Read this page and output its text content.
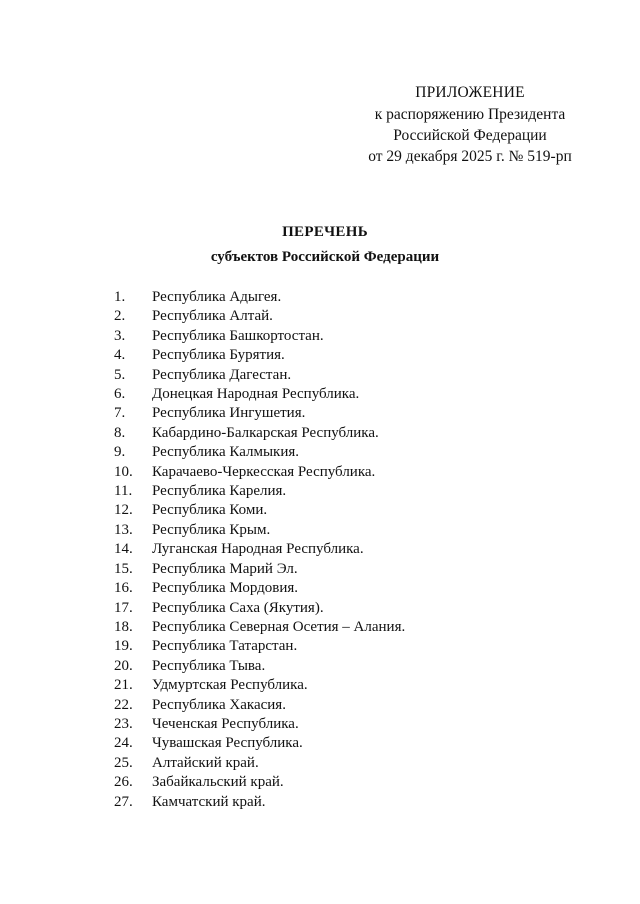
ПРИЛОЖЕНИЕ
к распоряжению Президента
Российской Федерации
от 29 декабря 2025 г. № 519-рп
ПЕРЕЧЕНЬ
субъектов Российской Федерации
1.	Республика Адыгея.
2.	Республика Алтай.
3.	Республика Башкортостан.
4.	Республика Бурятия.
5.	Республика Дагестан.
6.	Донецкая Народная Республика.
7.	Республика Ингушетия.
8.	Кабардино-Балкарская Республика.
9.	Республика Калмыкия.
10.	Карачаево-Черкесская Республика.
11.	Республика Карелия.
12.	Республика Коми.
13.	Республика Крым.
14.	Луганская Народная Республика.
15.	Республика Марий Эл.
16.	Республика Мордовия.
17.	Республика Саха (Якутия).
18.	Республика Северная Осетия – Алания.
19.	Республика Татарстан.
20.	Республика Тыва.
21.	Удмуртская Республика.
22.	Республика Хакасия.
23.	Чеченская Республика.
24.	Чувашская Республика.
25.	Алтайский край.
26.	Забайкальский край.
27.	Камчатский край.
